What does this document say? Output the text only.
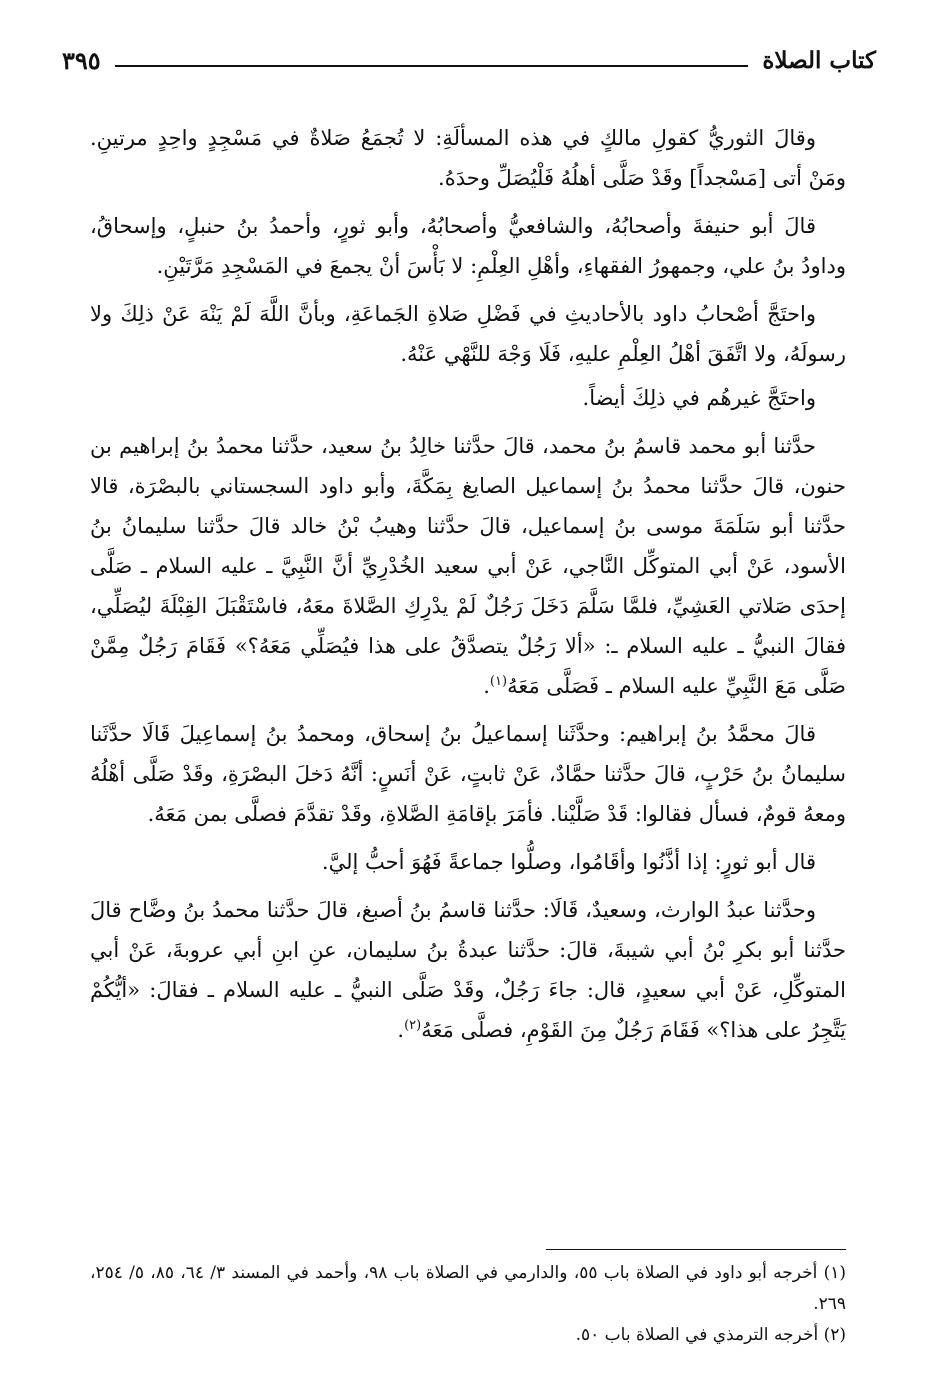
كتاب الصلاة
٣٩٥

وقالَ الثوريُّ كقولِ مالكٍ في هذه المسألَةِ: لا تُجمَعُ صَلاةٌ في مَسْجِدٍ واحِدٍ مرتينِ. ومَنْ أتى [مَسْجداً] وقَدْ صَلَّى أهلُهُ فَلْيُصَلِّ وحدَهُ.

قالَ أبو حنيفةَ وأصحابُهُ، والشافعيُّ وأصحابُهُ، وأبو ثورٍ، وأحمدُ بنُ حنبلٍ، وإسحاقُ، وداودُ بنُ علي، وجمهورُ الفقهاءِ، وأهْلِ العِلْمِ: لا بَأْسَ أنْ يجمعَ في المَسْجِدِ مَرَّتَيْنِ.

واحتَجَّ أصْحابُ داود بالأحاديثِ في فَضْلِ صَلاةِ الجَماعَةِ، وبأنَّ اللَّهَ لَمْ يَنْهَ عَنْ ذلِكَ ولا رسولَهُ، ولا اتَّفَقَ أهْلُ العِلْمِ عليهِ، فَلَا وَجْهَ للنَّهْي عَنْهُ.

واحتَجَّ غيرهُم في ذلِكَ أيضاً.

حدَّثنا أبو محمد قاسمُ بنُ محمد، قالَ حدَّثنا خالِدُ بنُ سعيد، حدَّثنا محمدُ بنُ إبراهيم بن حنون، قالَ حدَّثنا محمدُ بنُ إسماعيل الصايغ بِمَكَّةَ، وأبو داود السجستاني بالبصْرَة، قالا حدَّثنا أبو سَلَمَةَ موسى بنُ إسماعيل، قالَ حدَّثنا وهيبُ بْنُ خالد قالَ حدَّثنا سليمانُ بنُ الأسود، عَنْ أبي المتوكِّل النَّاجي، عَنْ أبي سعيد الخُدْرِيِّ أنَّ النَّبِيَّ ـ عليه السلام ـ صَلَّى إحدَى صَلاتي العَشِيِّ، فلمَّا سَلَّمَ دَخَلَ رَجُلٌ لَمْ يدْرِكِ الصَّلاةَ معَهُ، فاسْتَقْبَلَ القِبْلَةَ ليُصَلِّي، فقالَ النبيُّ ـ عليه السلام ـ: «ألا رَجُلٌ يتصدَّقُ على هذا فيُصَلِّي مَعَهُ؟» فَقَامَ رَجُلٌ مِمَّنْ صَلَّى مَعَ النَّبِيِّ عليه السلام ـ فَصَلَّى مَعَهُ$^{(١)}$.

قالَ محمَّدُ بنُ إبراهيم: وحدَّثَنا إسماعيلُ بنُ إسحاق، ومحمدُ بنُ إسماعِيلَ قَالَا حدَّثَنا سليمانُ بنُ حَرْبٍ، قالَ حدَّثنا حمَّادٌ، عَنْ ثابتٍ، عَنْ أنَسٍ: أنَّهُ دَخلَ البصْرَةِ، وقَدْ صَلَّى أهْلُهُ ومعهُ قومٌ، فسأل فقالوا: قَدْ صَلَّيْنا. فأمَرَ بإقامَةِ الصَّلاةِ، وقَدْ تقدَّمَ فصلَّى بمن مَعَهُ.

قال أبو ثورٍ: إذا أذَّنُوا وأقَامُوا، وصلُّوا جماعةً فَهُوَ أحبُّ إليَّ.

وحدَّثنا عبدُ الوارث، وسعيدٌ، قَالَا: حدَّثنا قاسمُ بنُ أصبغ، قالَ حدَّثنا محمدُ بنُ وضَّاح قالَ حدَّثنا أبو بكرِ بْنُ أبي شيبةَ، قالَ: حدَّثنا عبدةُ بنُ سليمان، عنِ ابنِ أبي عروبةَ، عَنْ أبي المتوكِّلِ، عَنْ أبي سعيدٍ، قال: جاءَ رَجُلٌ، وقَدْ صَلَّى النبيُّ ـ عليه السلام ـ فقالَ: «أيُّكُمْ يَتَّجِرُ على هذا؟» فَقَامَ رَجُلٌ مِنَ القَوْمِ، فصلَّى مَعَهُ$^{(٢)}$.

(١) أخرجه أبو داود في الصلاة باب ٥٥، والدارمي في الصلاة باب ٩٨، وأحمد في المسند ٣/ ٦٤، ٨٥، ٥/ ٢٥٤، ٢٦٩.

(٢) أخرجه الترمذي في الصلاة باب ٥٠.
